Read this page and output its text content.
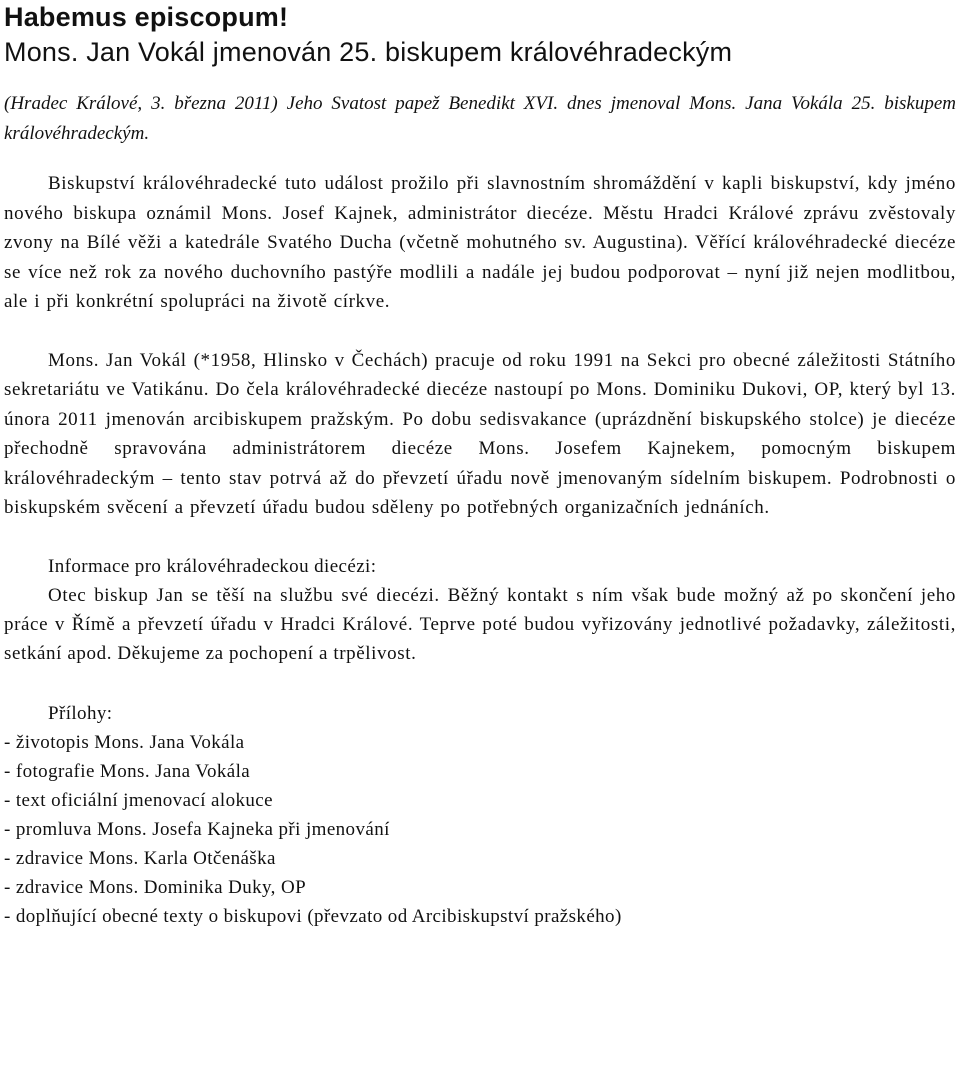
Habemus episcopum!
Mons. Jan Vokál jmenován 25. biskupem královéhradeckým

(Hradec Králové, 3. března 2011) Jeho Svatost papež Benedikt XVI. dnes jmenoval Mons. Jana Vokála 25. biskupem královéhradeckým.

Biskupství královéhradecké tuto událost prožilo při slavnostním shromáždění v kapli biskupství, kdy jméno nového biskupa oznámil Mons. Josef Kajnek, administrátor diecéze. Městu Hradci Králové zprávu zvěstovaly zvony na Bílé věži a katedrále Svatého Ducha (včetně mohutného sv. Augustina). Věřící královéhradecké diecéze se více než rok za nového duchovního pastýře modlili a nadále jej budou podporovat – nyní již nejen modlitbou, ale i při konkrétní spolupráci na životě církve.

Mons. Jan Vokál (*1958, Hlinsko v Čechách) pracuje od roku 1991 na Sekci pro obecné záležitosti Státního sekretariátu ve Vatikánu. Do čela královéhradecké diecéze nastoupí po Mons. Dominiku Dukovi, OP, který byl 13. února 2011 jmenován arcibiskupem pražským. Po dobu sedisvakance (uprázdnění biskupského stolce) je diecéze přechodně spravována administrátorem diecéze Mons. Josefem Kajnekem, pomocným biskupem královéhradeckým – tento stav potrvá až do převzetí úřadu nově jmenovaným sídelním biskupem. Podrobnosti o biskupském svěcení a převzetí úřadu budou sděleny po potřebných organizačních jednáních.

Informace pro královéhradeckou diecézi:

Otec biskup Jan se těší na službu své diecézi. Běžný kontakt s ním však bude možný až po skončení jeho práce v Římě a převzetí úřadu v Hradci Králové. Teprve poté budou vyřizovány jednotlivé požadavky, záležitosti, setkání apod. Děkujeme za pochopení a trpělivost.

Přílohy:
- životopis Mons. Jana Vokála
- fotografie Mons. Jana Vokála
- text oficiální jmenovací alokuce
- promluva Mons. Josefa Kajneka při jmenování
- zdravice Mons. Karla Otčenáška
- zdravice Mons. Dominika Duky, OP
- doplňující obecné texty o biskupovi (převzato od Arcibiskupství pražského)
